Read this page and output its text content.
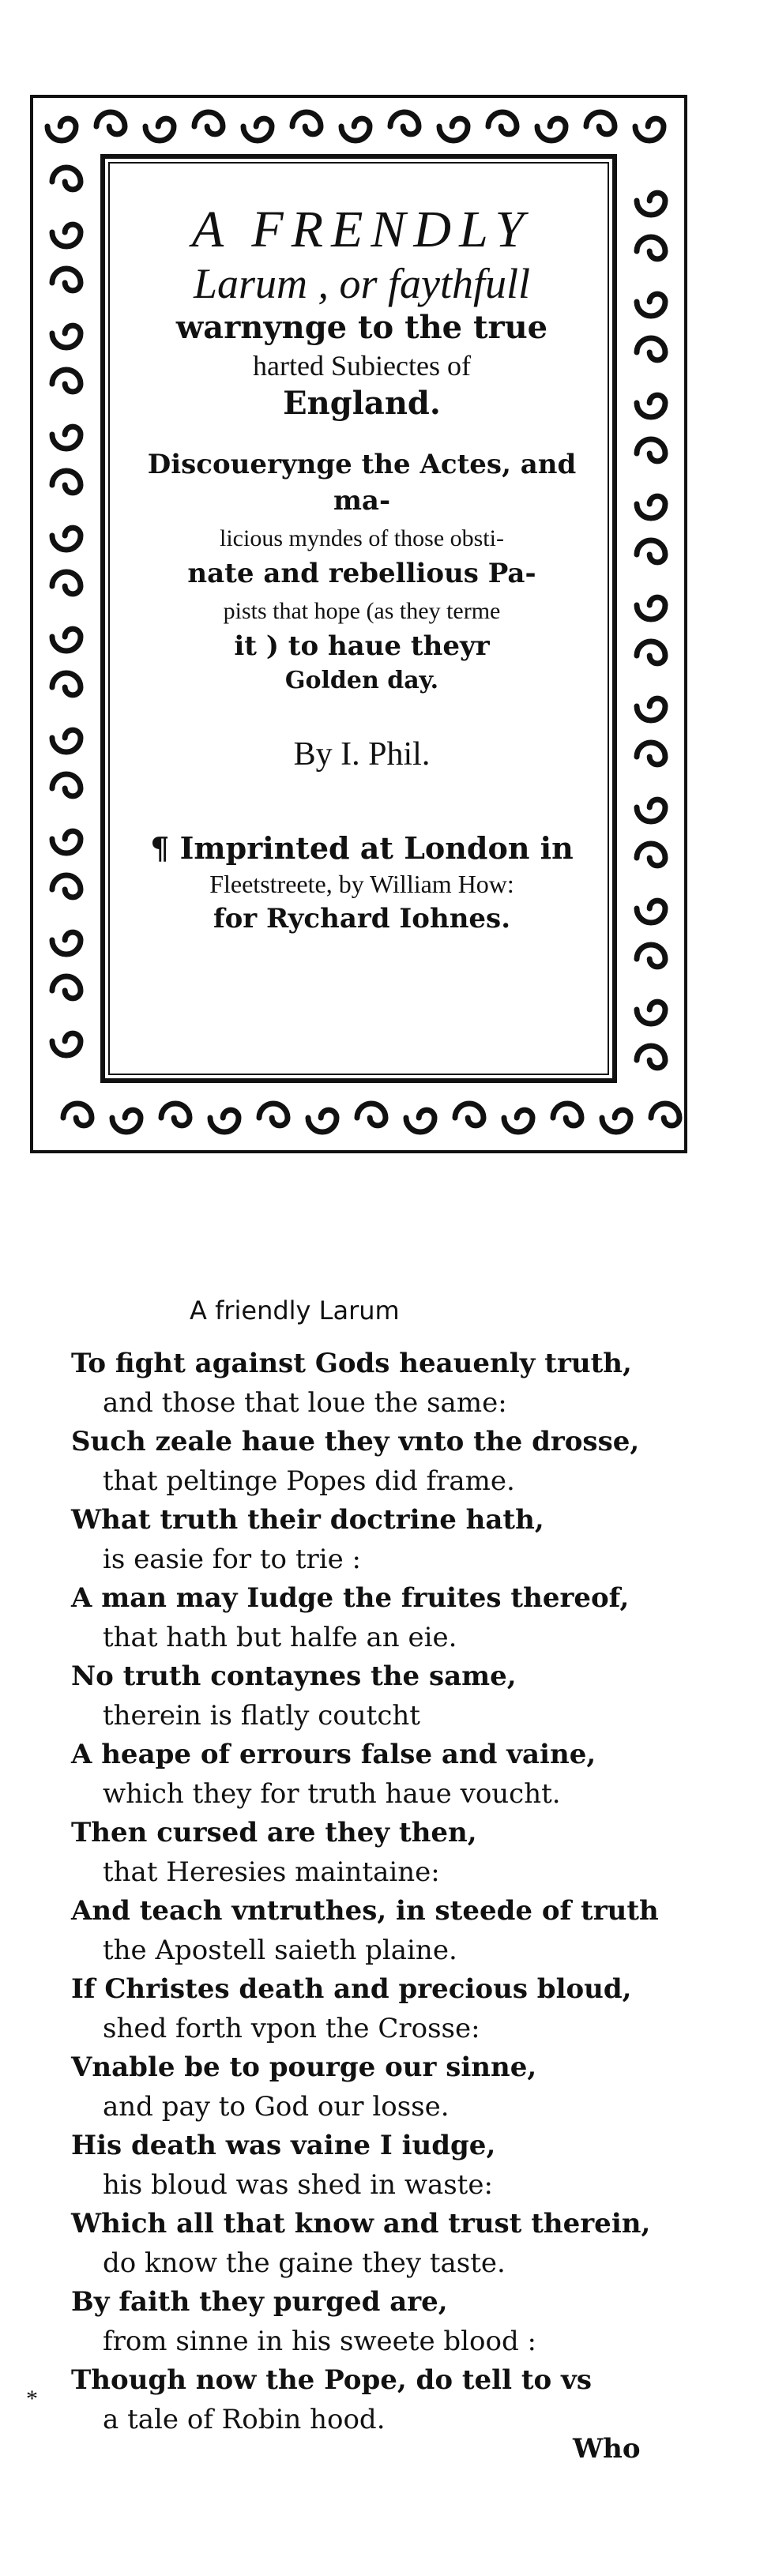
A FRENDLY

Larum , or faythfull

warnynge to the true

harted Subiectes of

England.

Discouerynge the Actes, and ma-

licious myndes of those obsti-

nate and rebellious Pa-

pists that hope (as they terme

it ) to haue theyr

Golden day.

By I. Phil.

¶ Imprinted at London in

Fleetstreete, by William How:

for Rychard Iohnes.

A friendly Larum
To fight against Gods heauenly truth,
and those that loue the same:
Such zeale haue they vnto the drosse,
that peltinge Popes did frame.
What truth their doctrine hath,
is easie for to trie :
A man may Iudge the fruites thereof,
that hath but halfe an eie.
No truth contaynes the same,
therein is flatly coutcht
A heape of errours false and vaine,
which they for truth haue voucht.
Then cursed are they then,
that Heresies maintaine:
And teach vntruthes, in steede of truth
the Apostell saieth plaine.
If Christes death and precious bloud,
shed forth vpon the Crosse:
Vnable be to pourge our sinne,
and pay to God our losse.
His death was vaine I iudge,
his bloud was shed in waste:
Which all that know and trust therein,
do know the gaine they taste.
By faith they purged are,
from sinne in his sweete blood :
Though now the Pope, do tell to vs
a tale of Robin hood.
*
Who
